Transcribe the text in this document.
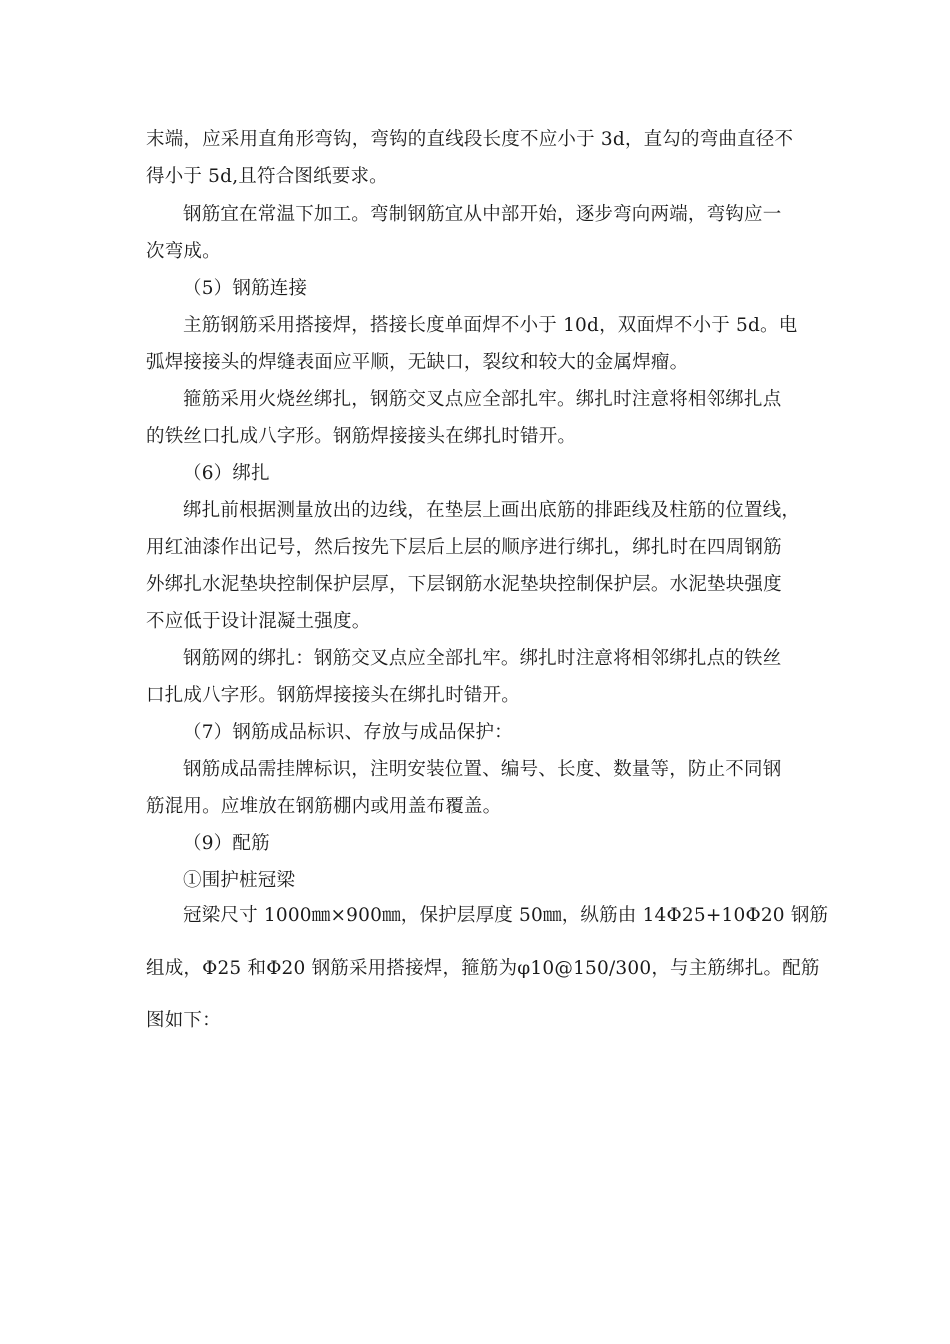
末端，应采用直角形弯钩，弯钩的直线段长度不应小于 3d，直勾的弯曲直径不
得小于 5d,且符合图纸要求。
钢筋宜在常温下加工。弯制钢筋宜从中部开始，逐步弯向两端，弯钩应一
次弯成。
（5）钢筋连接
主筋钢筋采用搭接焊，搭接长度单面焊不小于 10d，双面焊不小于 5d。电
弧焊接接头的焊缝表面应平顺，无缺口，裂纹和较大的金属焊瘤。
箍筋采用火烧丝绑扎，钢筋交叉点应全部扎牢。绑扎时注意将相邻绑扎点
的铁丝口扎成八字形。钢筋焊接接头在绑扎时错开。
（6）绑扎
绑扎前根据测量放出的边线，在垫层上画出底筋的排距线及柱筋的位置线，
用红油漆作出记号，然后按先下层后上层的顺序进行绑扎，绑扎时在四周钢筋
外绑扎水泥垫块控制保护层厚，下层钢筋水泥垫块控制保护层。水泥垫块强度
不应低于设计混凝土强度。
钢筋网的绑扎：钢筋交叉点应全部扎牢。绑扎时注意将相邻绑扎点的铁丝
口扎成八字形。钢筋焊接接头在绑扎时错开。
（7）钢筋成品标识、存放与成品保护：
钢筋成品需挂牌标识，注明安装位置、编号、长度、数量等，防止不同钢
筋混用。应堆放在钢筋棚内或用盖布覆盖。
（9）配筋
①围护桩冠梁
冠梁尺寸 1000㎜×900㎜，保护层厚度 50㎜，纵筋由 14Φ25+10Φ20 钢筋
组成，Φ25 和Φ20 钢筋采用搭接焊，箍筋为φ10@150/300，与主筋绑扎。配筋
图如下：
